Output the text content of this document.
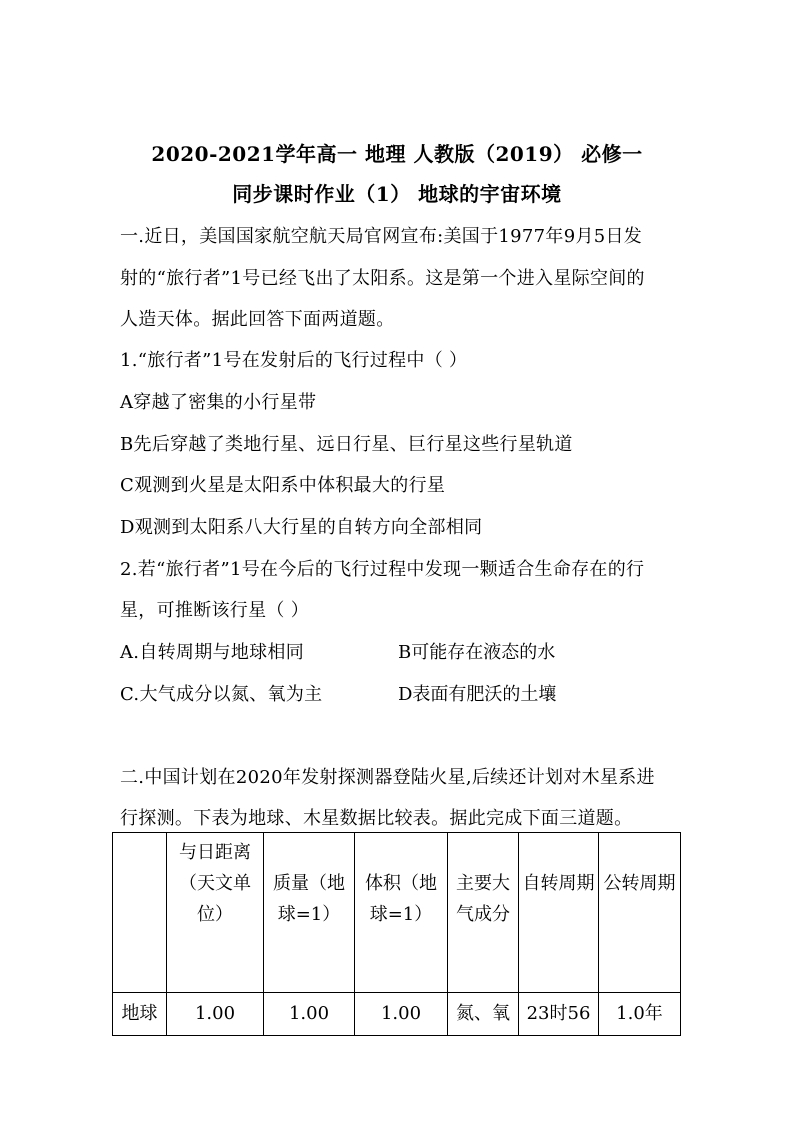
2020-2021学年高一 地理 人教版（2019） 必修一
同步课时作业（1） 地球的宇宙环境
一.近日，美国国家航空航天局官网宣布:美国于1977年9月5日发
射的“旅行者”1号已经飞出了太阳系。这是第一个进入星际空间的
人造天体。据此回答下面两道题。
1.“旅行者”1号在发射后的飞行过程中（ ）
A穿越了密集的小行星带
B先后穿越了类地行星、远日行星、巨行星这些行星轨道
C观测到火星是太阳系中体积最大的行星
D观测到太阳系八大行星的自转方向全部相同
2.若“旅行者”1号在今后的飞行过程中发现一颗适合生命存在的行
星，可推断该行星（ ）
A.自转周期与地球相同	B可能存在液态的水
C.大气成分以氮、氧为主	D表面有肥沃的土壤
二.中国计划在2020年发射探测器登陆火星,后续还计划对木星系进
行探测。下表为地球、木星数据比较表。据此完成下面三道题。

	与日距离（天文单位）	质量（地球=1）	体积（地球=1）	主要大气成分	自转周期	公转周期

地球	1.00	1.00	1.00	氮、氧	23时56	1.0年
